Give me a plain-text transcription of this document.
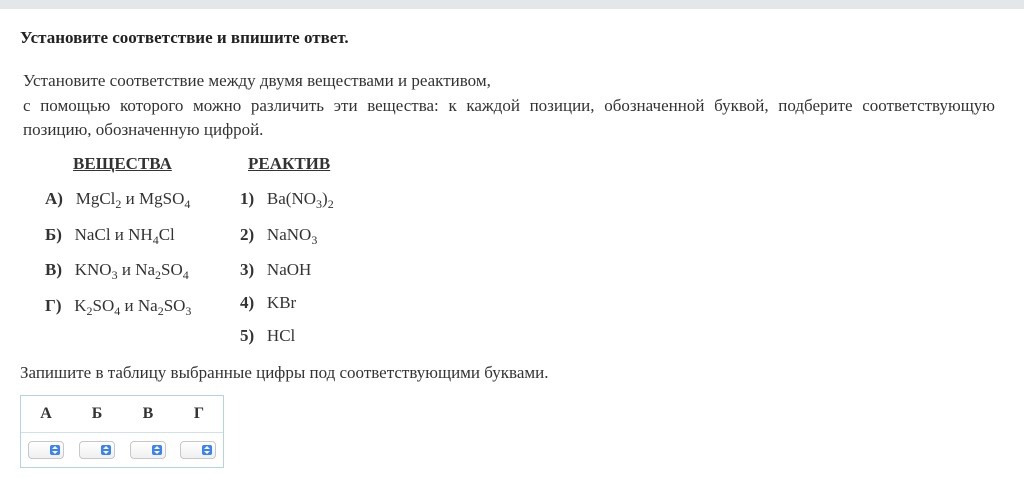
Установите соответствие и впишите ответ.
Установите соответствие между двумя веществами и реактивом,
с помощью которого можно различить эти вещества: к каждой позиции, обозначенной буквой, подберите соответствующую
позицию, обозначенную цифрой.
ВЕЩЕСТВА	РЕАКТИВ
А) MgCl$_2$ и MgSO$_4$
Б) NaCl и $NH_4Cl$
В) $KNO_3$ и $Na_2SO_4$
Г) $K_2SO_4$ и $Na_2SO_3$
1) $Ba(NO_3)_2$
2) NaNO$_3$
3) NaOH
4) KBr
5) HCl
Запишите в таблицу выбранные цифры под соответствующими буквами.
А	Б	В	Г
